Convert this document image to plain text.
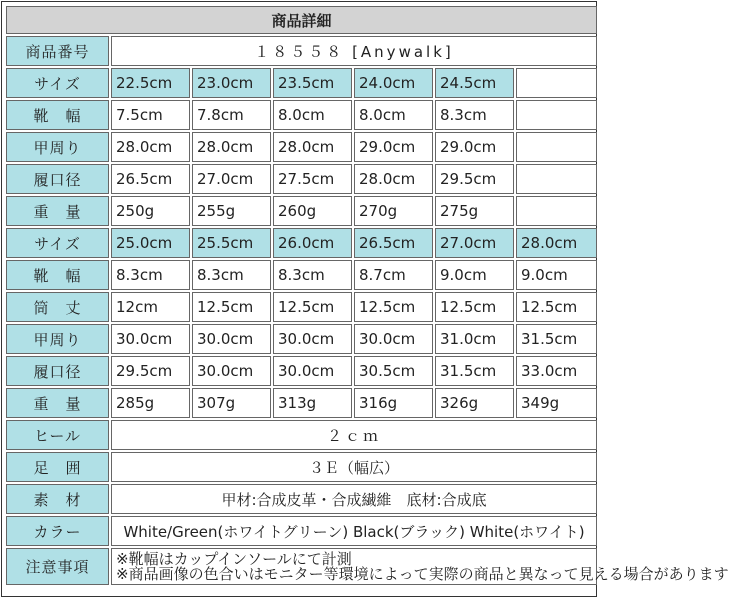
商品詳細						
商品番号	１８５５８ [Anywalk]					
サイズ	22.5cm	23.0cm	23.5cm	24.0cm	24.5cm	
靴　幅	7.5cm	7.8cm	8.0cm	8.0cm	8.3cm	
甲周り	28.0cm	28.0cm	28.0cm	29.0cm	29.0cm	
履口径	26.5cm	27.0cm	27.5cm	28.0cm	29.5cm	
重　量	250g	255g	260g	270g	275g	
サイズ	25.0cm	25.5cm	26.0cm	26.5cm	27.0cm	28.0cm
靴　幅	8.3cm	8.3cm	8.3cm	8.7cm	9.0cm	9.0cm
筒　丈	12cm	12.5cm	12.5cm	12.5cm	12.5cm	12.5cm
甲周り	30.0cm	30.0cm	30.0cm	30.0cm	31.0cm	31.5cm
履口径	29.5cm	30.0cm	30.0cm	30.5cm	31.5cm	33.0cm
重　量	285g	307g	313g	316g	326g	349g
ヒール	２ｃｍ					
足　囲	３Ｅ（幅広）					
素　材	甲材:合成皮革・合成繊維　底材:合成底					
カラー	White/Green(ホワイトグリーン) Black(ブラック) White(ホワイト)					
注意事項	※靴幅はカップインソールにて計測
※商品画像の色合いはモニター等環境によって実際の商品と異なって見える場合があります					
